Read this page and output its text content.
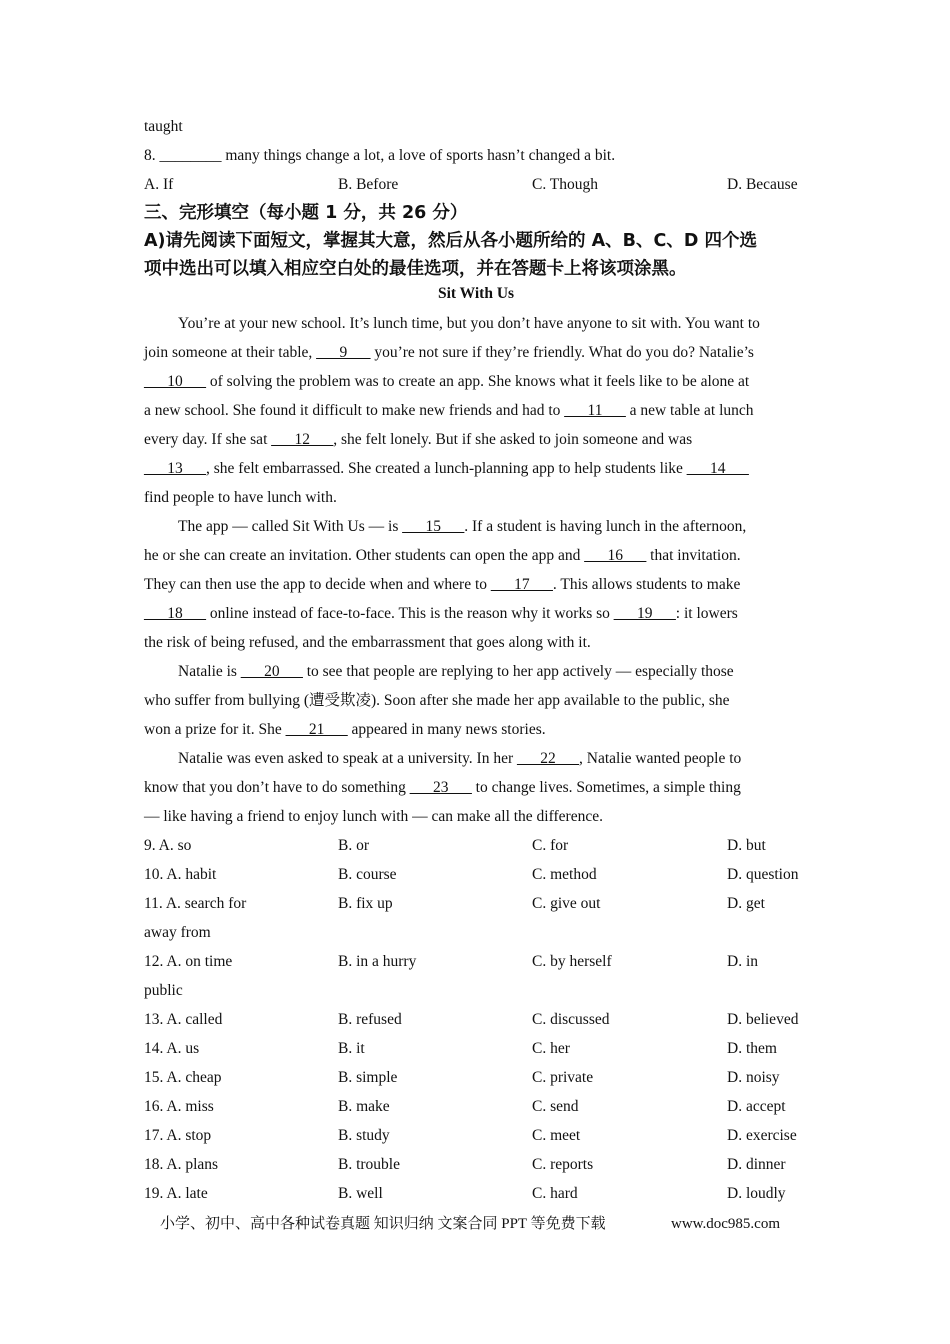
taught
8. ________ many things change a lot, a love of sports hasn’t changed a bit.
A. If	B. Before	C. Though	D. Because
三、完形填空（每小题 1 分，共 26 分）
A)请先阅读下面短文，掌握其大意，然后从各小题所给的 A、B、C、D 四个选
项中选出可以填入相应空白处的最佳选项，并在答题卡上将该项涂黑。
Sit With Us
You’re at your new school. It’s lunch time, but you don’t have anyone to sit with. You want to
join someone at their table, ___9___ you’re not sure if they’re friendly. What do you do? Natalie’s
___10___ of solving the problem was to create an app. She knows what it feels like to be alone at
a new school. She found it difficult to make new friends and had to ___11___ a new table at lunch
every day. If she sat ___12___, she felt lonely. But if she asked to join someone and was
___13___, she felt embarrassed. She created a lunch-planning app to help students like ___14___
find people to have lunch with.
The app — called Sit With Us — is ___15___. If a student is having lunch in the afternoon,
he or she can create an invitation. Other students can open the app and ___16___ that invitation.
They can then use the app to decide when and where to ___17___. This allows students to make
___18___ online instead of face-to-face. This is the reason why it works so ___19___: it lowers
the risk of being refused, and the embarrassment that goes along with it.
Natalie is ___20___ to see that people are replying to her app actively — especially those
who suffer from bullying (遭受欺凌). Soon after she made her app available to the public, she
won a prize for it. She ___21___ appeared in many news stories.
Natalie was even asked to speak at a university. In her ___22___, Natalie wanted people to
know that you don’t have to do something ___23___ to change lives. Sometimes, a simple thing
— like having a friend to enjoy lunch with — can make all the difference.
9. A. so	B. or	C. for	D. but
10. A. habit	B. course	C. method	D. question
11. A. search for	B. fix up	C. give out	D. get
away from
12. A. on time	B. in a hurry	C. by herself	D. in
public
13. A. called	B. refused	C. discussed	D. believed
14. A. us	B. it	C. her	D. them
15. A. cheap	B. simple	C. private	D. noisy
16. A. miss	B. make	C. send	D. accept
17. A. stop	B. study	C. meet	D. exercise
18. A. plans	B. trouble	C. reports	D. dinner
19. A. late	B. well	C. hard	D. loudly
小学、初中、高中各种试卷真题 知识归纳 文案合同 PPT 等免费下载	www.doc985.com
